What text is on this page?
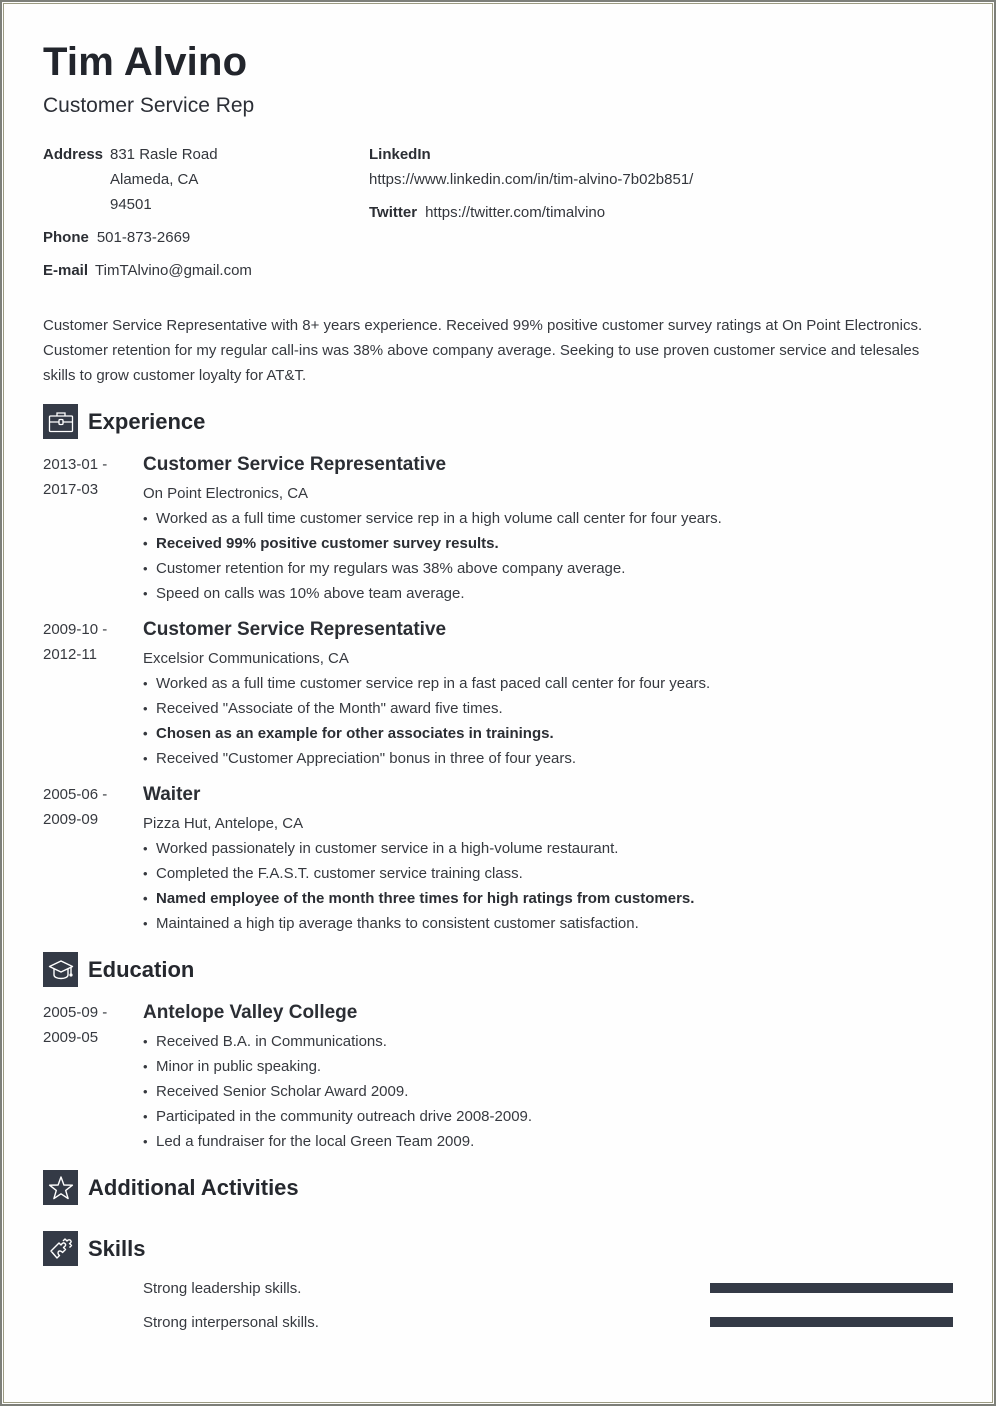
Tim Alvino
Customer Service Rep
Address 831 Rasle Road
Alameda, CA
94501
Phone 501-873-2669
E-mail TimTAlvino@gmail.com
LinkedIn
https://www.linkedin.com/in/tim-alvino-7b02b851/
Twitter https://twitter.com/timalvino
Customer Service Representative with 8+ years experience. Received 99% positive customer survey ratings at On Point Electronics. Customer retention for my regular call-ins was 38% above company average. Seeking to use proven customer service and telesales skills to grow customer loyalty for AT&T.
Experience
2013-01 -
2017-03
Customer Service Representative
On Point Electronics, CA
• Worked as a full time customer service rep in a high volume call center for four years.
• Received 99% positive customer survey results.
• Customer retention for my regulars was 38% above company average.
• Speed on calls was 10% above team average.
2009-10 -
2012-11
Customer Service Representative
Excelsior Communications, CA
• Worked as a full time customer service rep in a fast paced call center for four years.
• Received "Associate of the Month" award five times.
• Chosen as an example for other associates in trainings.
• Received "Customer Appreciation" bonus in three of four years.
2005-06 -
2009-09
Waiter
Pizza Hut, Antelope, CA
• Worked passionately in customer service in a high-volume restaurant.
• Completed the F.A.S.T. customer service training class.
• Named employee of the month three times for high ratings from customers.
• Maintained a high tip average thanks to consistent customer satisfaction.
Education
2005-09 -
2009-05
Antelope Valley College
• Received B.A. in Communications.
• Minor in public speaking.
• Received Senior Scholar Award 2009.
• Participated in the community outreach drive 2008-2009.
• Led a fundraiser for the local Green Team 2009.
Additional Activities
Skills
Strong leadership skills.
Strong interpersonal skills.
